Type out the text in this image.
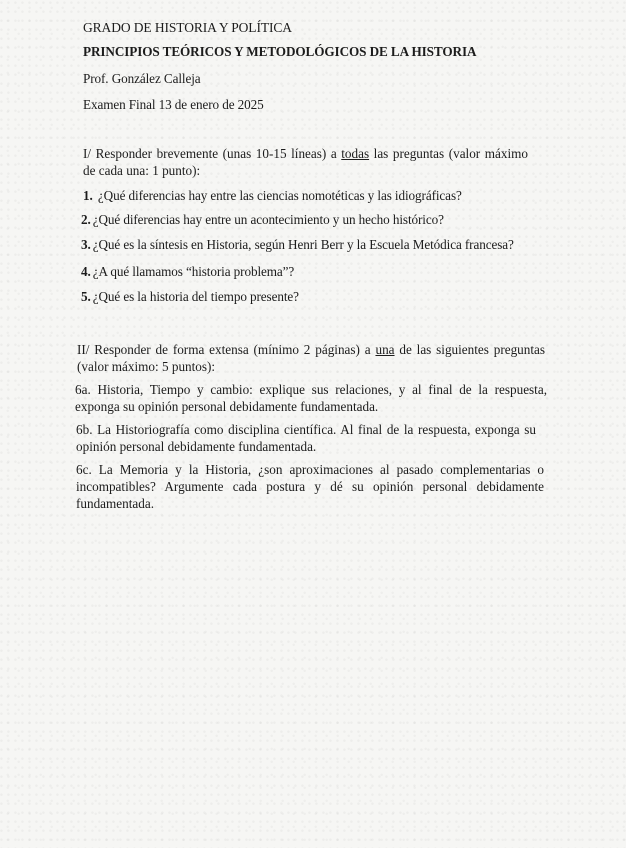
GRADO DE HISTORIA Y POLÍTICA
PRINCIPIOS TEÓRICOS Y METODOLÓGICOS DE LA HISTORIA
Prof. González Calleja
Examen Final 13 de enero de 2025
I/ Responder brevemente (unas 10-15 líneas) a todas las preguntas (valor máximo de cada una: 1 punto):
1. ¿Qué diferencias hay entre las ciencias nomotéticas y las idiográficas?
2. ¿Qué diferencias hay entre un acontecimiento y un hecho histórico?
3. ¿Qué es la síntesis en Historia, según Henri Berr y la Escuela Metódica francesa?
4. ¿A qué llamamos “historia problema”?
5. ¿Qué es la historia del tiempo presente?
II/ Responder de forma extensa (mínimo 2 páginas) a una de las siguientes preguntas (valor máximo: 5 puntos):
6a. Historia, Tiempo y cambio: explique sus relaciones, y al final de la respuesta, exponga su opinión personal debidamente fundamentada.
6b. La Historiografía como disciplina científica. Al final de la respuesta, exponga su opinión personal debidamente fundamentada.
6c. La Memoria y la Historia, ¿son aproximaciones al pasado complementarias o incompatibles? Argumente cada postura y dé su opinión personal debidamente fundamentada.
